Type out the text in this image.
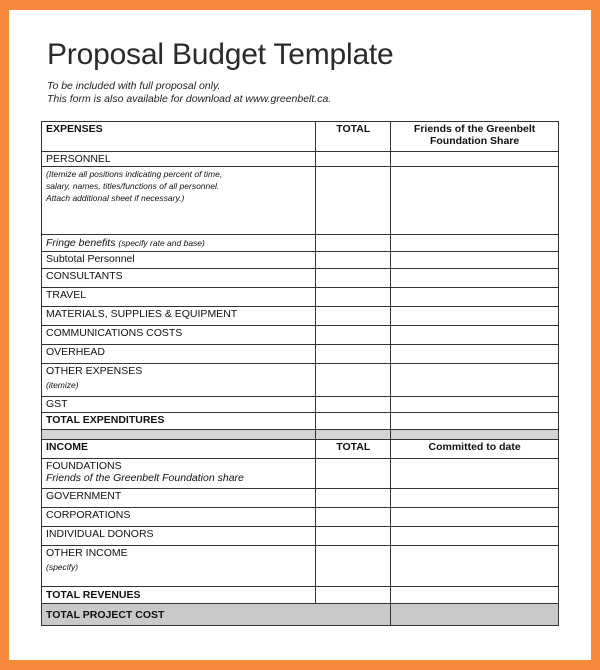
Proposal Budget Template
To be included with full proposal only.
This form is also available for download at www.greenbelt.ca.
EXPENSES	TOTAL	Friends of the Greenbelt
Foundation Share

PERSONNEL		

(Itemize all positions indicating percent of time,
salary, names, titles/functions of all personnel.
Attach additional sheet if necessary.)		

Fringe benefits (specify rate and base)		
Subtotal Personnel		
CONSULTANTS		
TRAVEL		
MATERIALS, SUPPLIES & EQUIPMENT		
COMMUNICATIONS COSTS		
OVERHEAD		

OTHER EXPENSES
(itemize)		

GST		
TOTAL EXPENDITURES		

INCOME	TOTAL	Committed to date

FOUNDATIONS
Friends of the Greenbelt Foundation share		

GOVERNMENT		
CORPORATIONS		
INDIVIDUAL DONORS		

OTHER INCOME
(specify)		

TOTAL REVENUES		
TOTAL PROJECT COST		
